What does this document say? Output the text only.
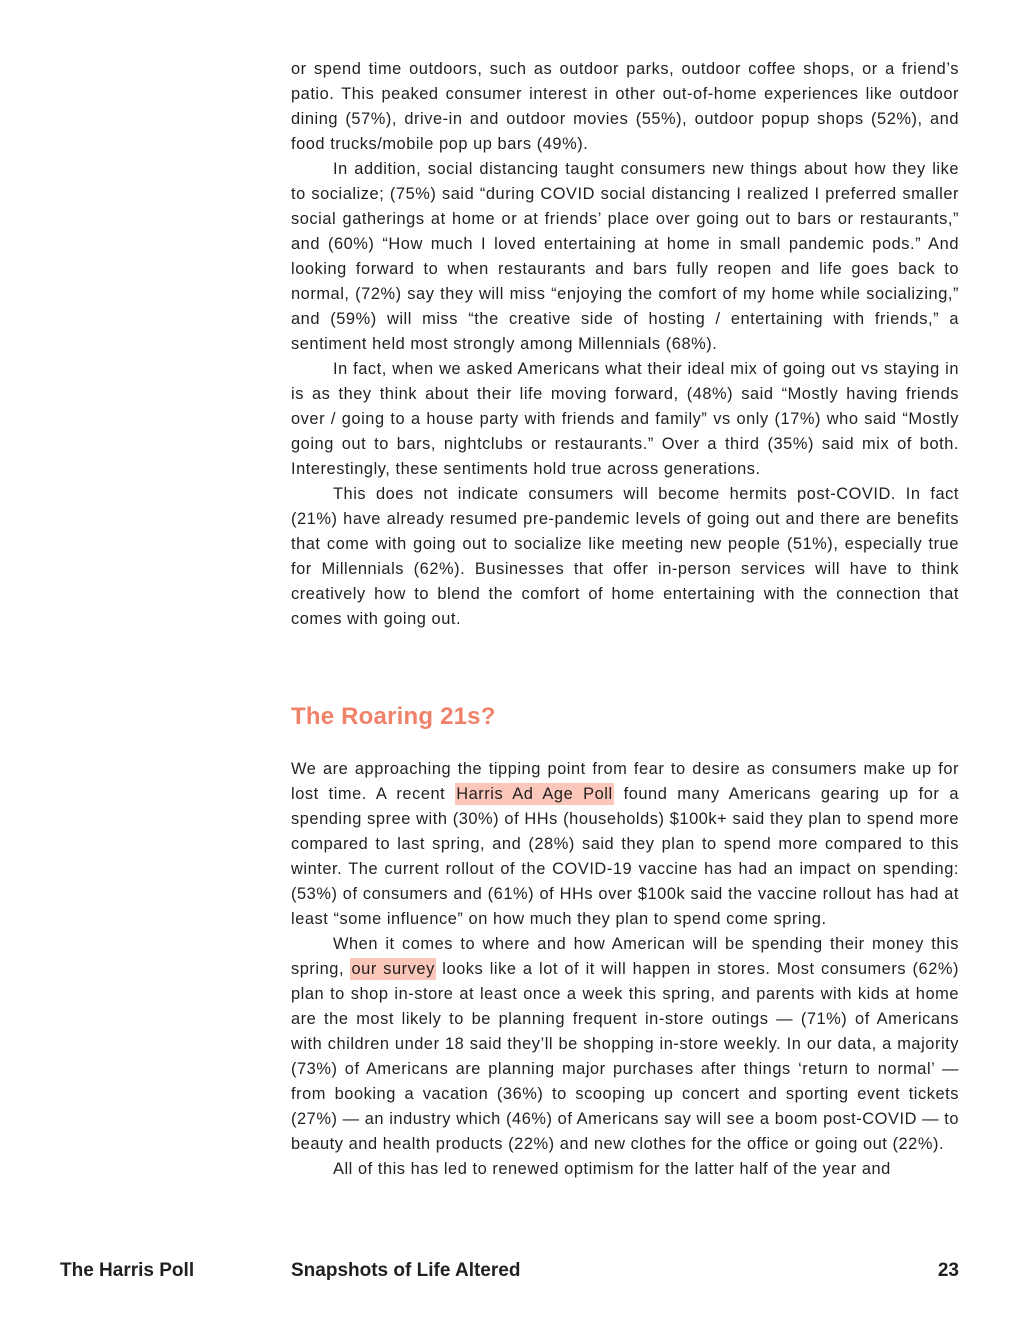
or spend time outdoors, such as outdoor parks, outdoor coffee shops, or a friend’s patio. This peaked consumer interest in other out-of-home experiences like outdoor dining (57%), drive-in and outdoor movies (55%), outdoor popup shops (52%), and food trucks/mobile pop up bars (49%).

In addition, social distancing taught consumers new things about how they like to socialize; (75%) said “during COVID social distancing I realized I preferred smaller social gatherings at home or at friends’ place over going out to bars or restaurants,” and (60%) “How much I loved entertaining at home in small pandemic pods.” And looking forward to when restaurants and bars fully reopen and life goes back to normal, (72%) say they will miss “enjoying the comfort of my home while socializing,” and (59%) will miss “the creative side of hosting / entertaining with friends,” a sentiment held most strongly among Millennials (68%).

In fact, when we asked Americans what their ideal mix of going out vs staying in is as they think about their life moving forward, (48%) said “Mostly having friends over / going to a house party with friends and family” vs only (17%) who said “Mostly going out to bars, nightclubs or restaurants.” Over a third (35%) said mix of both. Interestingly, these sentiments hold true across generations.

This does not indicate consumers will become hermits post-COVID. In fact (21%) have already resumed pre-pandemic levels of going out and there are benefits that come with going out to socialize like meeting new people (51%), especially true for Millennials (62%). Businesses that offer in-person services will have to think creatively how to blend the comfort of home entertaining with the connection that comes with going out.

The Roaring 21s?

We are approaching the tipping point from fear to desire as consumers make up for lost time. A recent Harris Ad Age Poll found many Americans gearing up for a spending spree with (30%) of HHs (households) $100k+ said they plan to spend more compared to last spring, and (28%) said they plan to spend more compared to this winter. The current rollout of the COVID-19 vaccine has had an impact on spending: (53%) of consumers and (61%) of HHs over $100k said the vaccine rollout has had at least “some influence” on how much they plan to spend come spring.

When it comes to where and how American will be spending their money this spring, our survey looks like a lot of it will happen in stores. Most consumers (62%) plan to shop in-store at least once a week this spring, and parents with kids at home are the most likely to be planning frequent in-store outings — (71%) of Americans with children under 18 said they’ll be shopping in-store weekly. In our data, a majority (73%) of Americans are planning major purchases after things ‘return to normal’ — from booking a vacation (36%) to scooping up concert and sporting event tickets (27%) — an industry which (46%) of Americans say will see a boom post-COVID — to beauty and health products (22%) and new clothes for the office or going out (22%).

All of this has led to renewed optimism for the latter half of the year and

The Harris Poll	Snapshots of Life Altered	23
